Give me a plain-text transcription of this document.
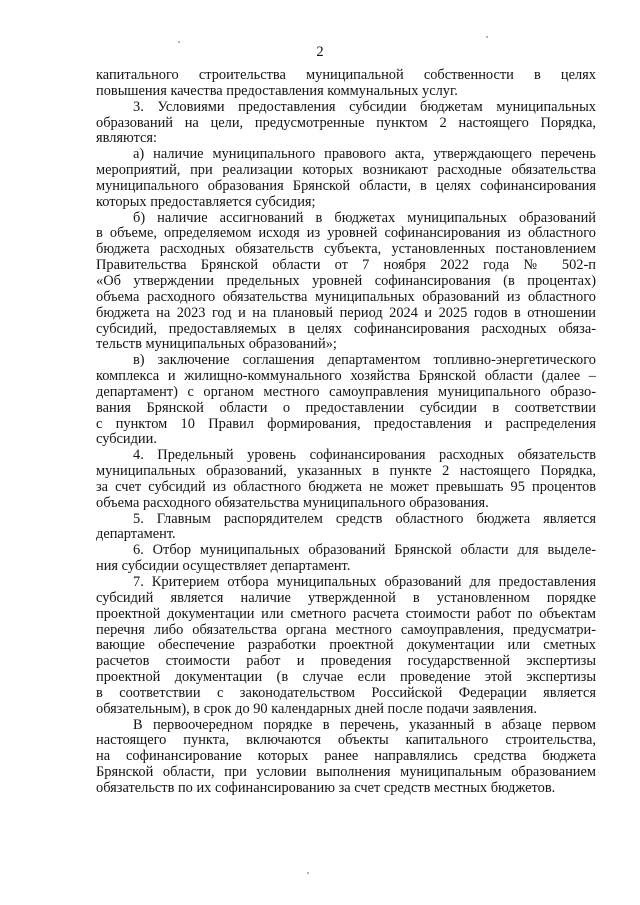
2
капитального строительства муниципальной собственности в целях
повышения качества предоставления коммунальных услуг.
3. Условиями предоставления субсидии бюджетам муниципальных
образований на цели, предусмотренные пунктом 2 настоящего Порядка,
являются:
а) наличие муниципального правового акта, утверждающего перечень
мероприятий, при реализации которых возникают расходные обязательства
муниципального образования Брянской области, в целях софинансирования
которых предоставляется субсидия;
б) наличие ассигнований в бюджетах муниципальных образований
в объеме, определяемом исходя из уровней софинансирования из областного
бюджета расходных обязательств субъекта, установленных постановлением
Правительства Брянской области от 7 ноября 2022 года № 502-п
«Об утверждении предельных уровней софинансирования (в процентах)
объема расходного обязательства муниципальных образований из областного
бюджета на 2023 год и на плановый период 2024 и 2025 годов в отношении
субсидий, предоставляемых в целях софинансирования расходных обяза-
тельств муниципальных образований»;
в) заключение соглашения департаментом топливно-энергетического
комплекса и жилищно-коммунального хозяйства Брянской области (далее –
департамент) с органом местного самоуправления муниципального образо-
вания Брянской области о предоставлении субсидии в соответствии
с пунктом 10 Правил формирования, предоставления и распределения
субсидии.
4. Предельный уровень софинансирования расходных обязательств
муниципальных образований, указанных в пункте 2 настоящего Порядка,
за счет субсидий из областного бюджета не может превышать 95 процентов
объема расходного обязательства муниципального образования.
5. Главным распорядителем средств областного бюджета является
департамент.
6. Отбор муниципальных образований Брянской области для выделе-
ния субсидии осуществляет департамент.
7. Критерием отбора муниципальных образований для предоставления
субсидий является наличие утвержденной в установленном порядке
проектной документации или сметного расчета стоимости работ по объектам
перечня либо обязательства органа местного самоуправления, предусматри-
вающие обеспечение разработки проектной документации или сметных
расчетов стоимости работ и проведения государственной экспертизы
проектной документации (в случае если проведение этой экспертизы
в соответствии с законодательством Российской Федерации является
обязательным), в срок до 90 календарных дней после подачи заявления.
В первоочередном порядке в перечень, указанный в абзаце первом
настоящего пункта, включаются объекты капитального строительства,
на софинансирование которых ранее направлялись средства бюджета
Брянской области, при условии выполнения муниципальным образованием
обязательств по их софинансированию за счет средств местных бюджетов.
